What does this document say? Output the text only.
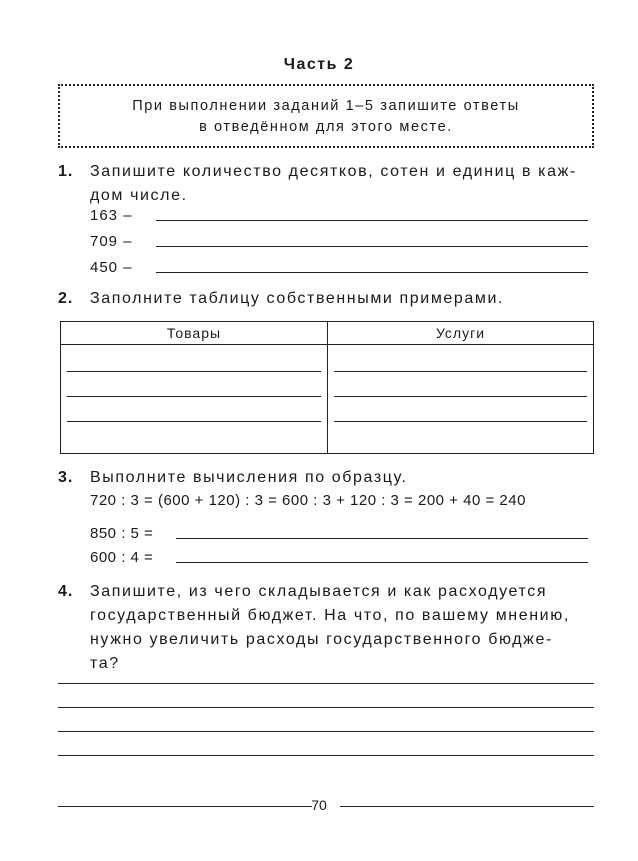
Часть 2
При выполнении заданий 1–5 запишите ответы
в отведённом для этого месте.
1. Запишите количество десятков, сотен и единиц в каж-
дом числе.
163 –
709 –
450 –
2. Заполните таблицу собственными примерами.
Товары	Услуги

3. Выполните вычисления по образцу.
720 : 3 = (600 + 120) : 3 = 600 : 3 + 120 : 3 = 200 + 40 = 240
850 : 5 =
600 : 4 =
4. Запишите, из чего складывается и как расходуется
государственный бюджет. На что, по вашему мнению,
нужно увеличить расходы государственного бюдже-
та?
70
